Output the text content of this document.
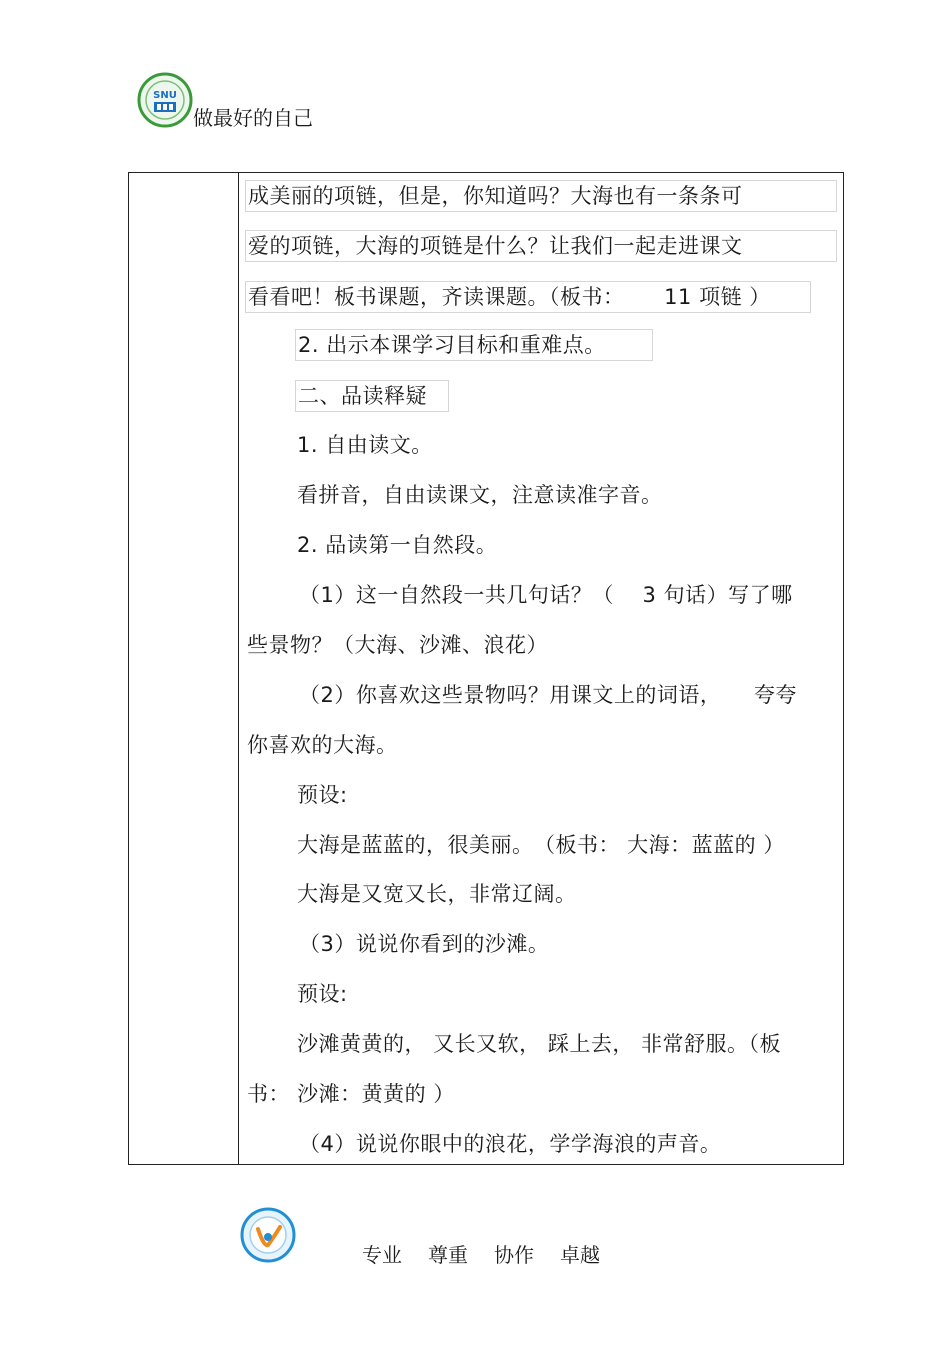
SNU
做最好的自己
成美丽的项链，但是，你知道吗？大海也有一条条可
爱的项链，大海的项链是什么？让我们一起走进课文
看看吧！板书课题，齐读课题。（板书：　　 11 项链 ）
2. 出示本课学习目标和重难点。
二、品读释疑
1. 自由读文。
看拼音，自由读课文，注意读准字音。
2. 品读第一自然段。
（1）这一自然段一共几句话？（　 3 句话）写了哪
些景物？（大海、沙滩、浪花）
（2）你喜欢这些景物吗？用课文上的词语，　　夸夸
你喜欢的大海。
预设:
大海是蓝蓝的，很美丽。　（板书： 大海：蓝蓝的 ）
大海是又宽又长，非常辽阔。
（3）说说你看到的沙滩。
预设:
沙滩黄黄的， 又长又软， 踩上去， 非常舒服。（板
书： 沙滩：黄黄的 ）
（4）说说你眼中的浪花，学学海浪的声音。
专业 尊重 协作 卓越
